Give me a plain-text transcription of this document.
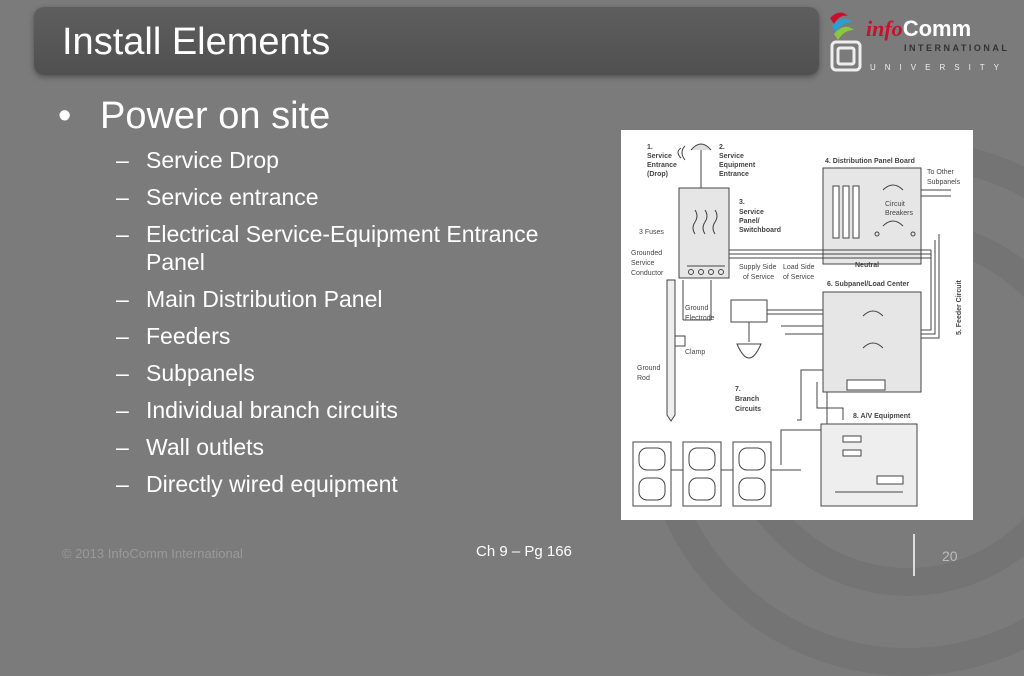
Install Elements	infoComm
INTERNATIONAL
UNIVERSITY
• Power on site
– Service Drop
– Service entrance
– Electrical Service-Equipment Entrance Panel
– Main Distribution Panel
– Feeders
– Subpanels
– Individual branch circuits
– Wall outlets
– Directly wired equipment
1.
Service
Entrance
(Drop)
2.
Service
Equipment
Entrance
3.
Service
Panel/
Switchboard
4. Distribution Panel Board
6. Subpanel/Load Center
7.
Branch
Circuits
8. A/V Equipment
5. Feeder Circuit
Neutral
To Other
Subpanels
Circuit
Breakers
3 Fuses
Grounded
Service
Conductor
Supply Side
of Service
Load Side
of Service
Ground
Electrode
Clamp
Ground
Rod
© 2013 InfoComm International	Ch 9 – Pg 166	20
